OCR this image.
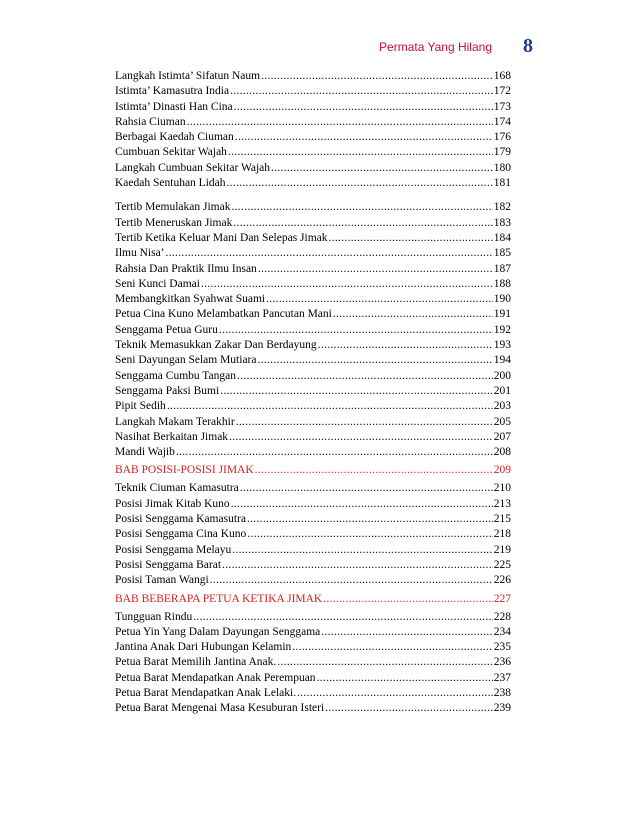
Permata Yang Hilang 8
Langkah Istimta’ Sifatun Naum .....	168
Istimta’ Kamasutra India .....	172
Istimta’ Dinasti Han Cina .....	173
Rahsia Ciuman .....	174
Berbagai Kaedah Ciuman .....	176
Cumbuan Sekitar Wajah .....	179
Langkah Cumbuan Sekitar Wajah .....	180
Kaedah Sentuhan Lidah .....	181
Tertib Memulakan Jimak .....	182
Tertib Meneruskan Jimak .....	183
Tertib Ketika Keluar Mani Dan Selepas Jimak .....	184
Ilmu Nisa’ .....	185
Rahsia Dan Praktik Ilmu Insan .....	187
Seni Kunci Damai .....	188
Membangkitkan Syahwat Suami .....	190
Petua Cina Kuno Melambatkan Pancutan Mani .....	191
Senggama Petua Guru .....	192
Teknik Memasukkan Zakar Dan Berdayung .....	193
Seni Dayungan Selam Mutiara .....	194
Senggama Cumbu Tangan .....	200
Senggama Paksi Bumi .....	201
Pipit Sedih .....	203
Langkah Makam Terakhir .....	205
Nasihat Berkaitan Jimak .....	207
Mandi Wajib .....	208
BAB POSISI-POSISI JIMAK .....	209
Teknik Ciuman Kamasutra .....	210
Posisi Jimak Kitab Kuno .....	213
Posisi Senggama Kamasutra .....	215
Posisi Senggama Cina Kuno .....	218
Posisi Senggama Melayu .....	219
Posisi Senggama Barat .....	225
Posisi Taman Wangi .....	226
BAB BEBERAPA PETUA KETIKA JIMAK .....	227
Tungguan Rindu .....	228
Petua Yin Yang Dalam Dayungan Senggama .....	234
Jantina Anak Dari Hubungan Kelamin .....	235
Petua Barat Memilih Jantina Anak. .....	236
Petua Barat Mendapatkan Anak Perempuan .....	237
Petua Barat Mendapatkan Anak Lelaki. .....	238
Petua Barat Mengenai Masa Kesuburan Isteri .....	239
